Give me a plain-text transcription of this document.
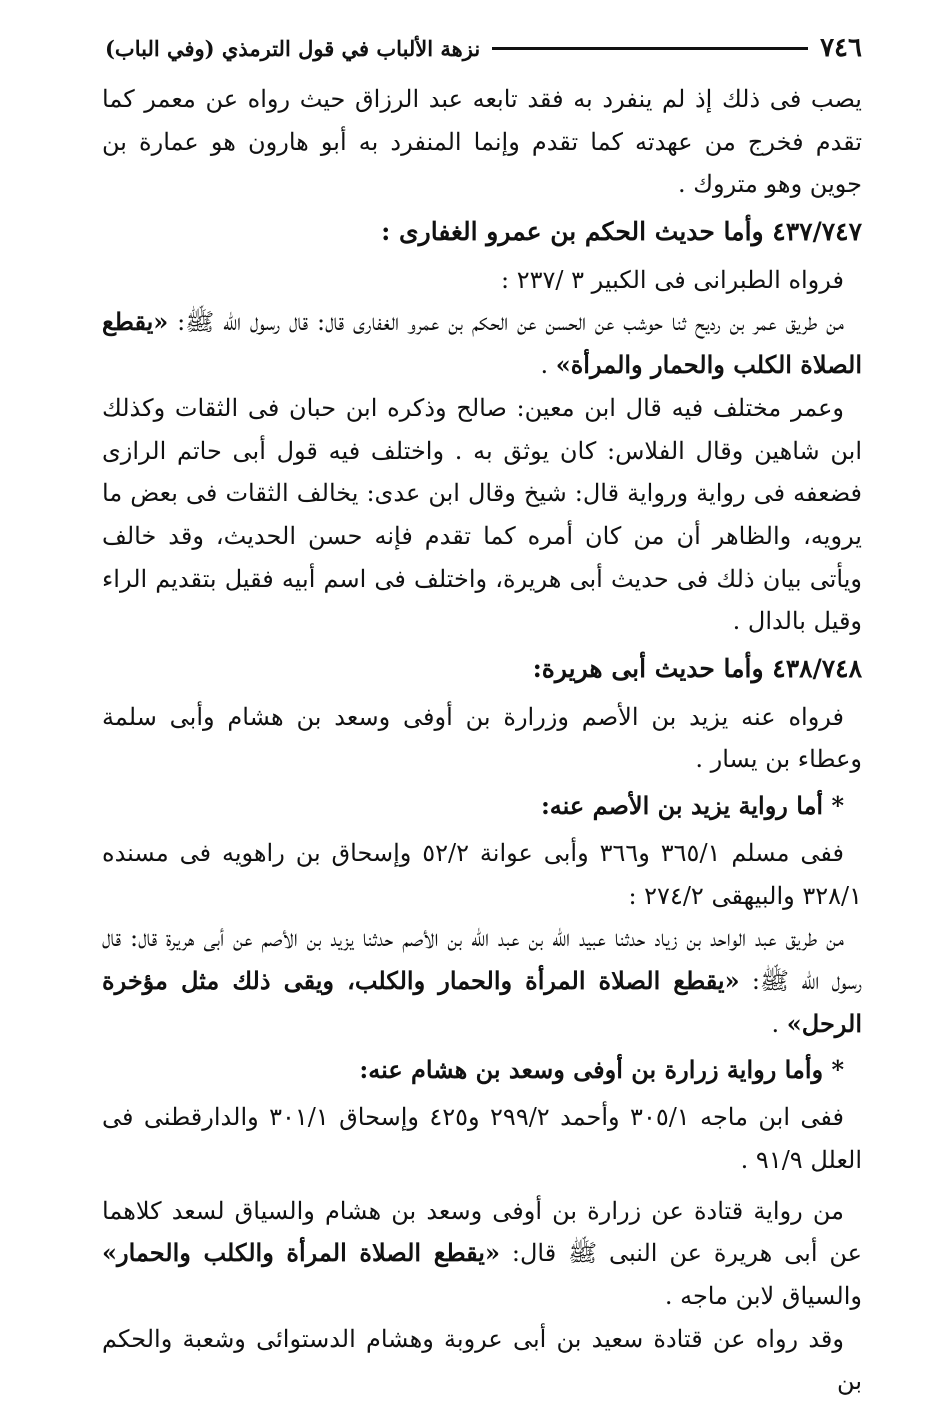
٧٤٦
نزهة الألباب في قول الترمذي (وفي الباب)

يصب فى ذلك إذ لم ينفرد به فقد تابعه عبد الرزاق حيث رواه عن معمر كما تقدم فخرج من عهدته كما تقدم وإنما المنفرد به أبو هارون هو عمارة بن جوين وهو متروك .

٤٣٧/٧٤٧ وأما حديث الحكم بن عمرو الغفارى :

فرواه الطبرانى فى الكبير ٣ /٢٣٧ :

من طريق عمر بن رديح ثنا حوشب عن الحسن عن الحكم بن عمرو الغفارى قال: قال رسول الله ﷺ: «يقطع الصلاة الكلب والحمار والمرأة» .

وعمر مختلف فيه قال ابن معين: صالح وذكره ابن حبان فى الثقات وكذلك ابن شاهين وقال الفلاس: كان يوثق به . واختلف فيه قول أبى حاتم الرازى فضعفه فى رواية ورواية قال: شيخ وقال ابن عدى: يخالف الثقات فى بعض ما يرويه، والظاهر أن من كان أمره كما تقدم فإنه حسن الحديث، وقد خالف ويأتى بيان ذلك فى حديث أبى هريرة، واختلف فى اسم أبيه فقيل بتقديم الراء وقيل بالدال .

٤٣٨/٧٤٨ وأما حديث أبى هريرة:

فرواه عنه يزيد بن الأصم وزرارة بن أوفى وسعد بن هشام وأبى سلمة وعطاء بن يسار .

* أما رواية يزيد بن الأصم عنه:

ففى مسلم ٣٦٥/١ و٣٦٦ وأبى عوانة ٥٢/٢ وإسحاق بن راهويه فى مسنده ٣٢٨/١ والبيهقى ٢٧٤/٢ :

من طريق عبد الواحد بن زياد حدثنا عبيد الله بن عبد الله بن الأصم حدثنا يزيد بن الأصم عن أبى هريرة قال: قال رسول الله ﷺ: «يقطع الصلاة المرأة والحمار والكلب، ويقى ذلك مثل مؤخرة الرحل» .

* وأما رواية زرارة بن أوفى وسعد بن هشام عنه:

ففى ابن ماجه ٣٠٥/١ وأحمد ٢٩٩/٢ و٤٢٥ وإسحاق ٣٠١/١ والدارقطنى فى العلل ٩١/٩ .

من رواية قتادة عن زرارة بن أوفى وسعد بن هشام والسياق لسعد كلاهما عن أبى هريرة عن النبى ﷺ قال: «يقطع الصلاة المرأة والكلب والحمار» والسياق لابن ماجه .

وقد رواه عن قتادة سعيد بن أبى عروبة وهشام الدستوائى وشعبة والحكم بن
